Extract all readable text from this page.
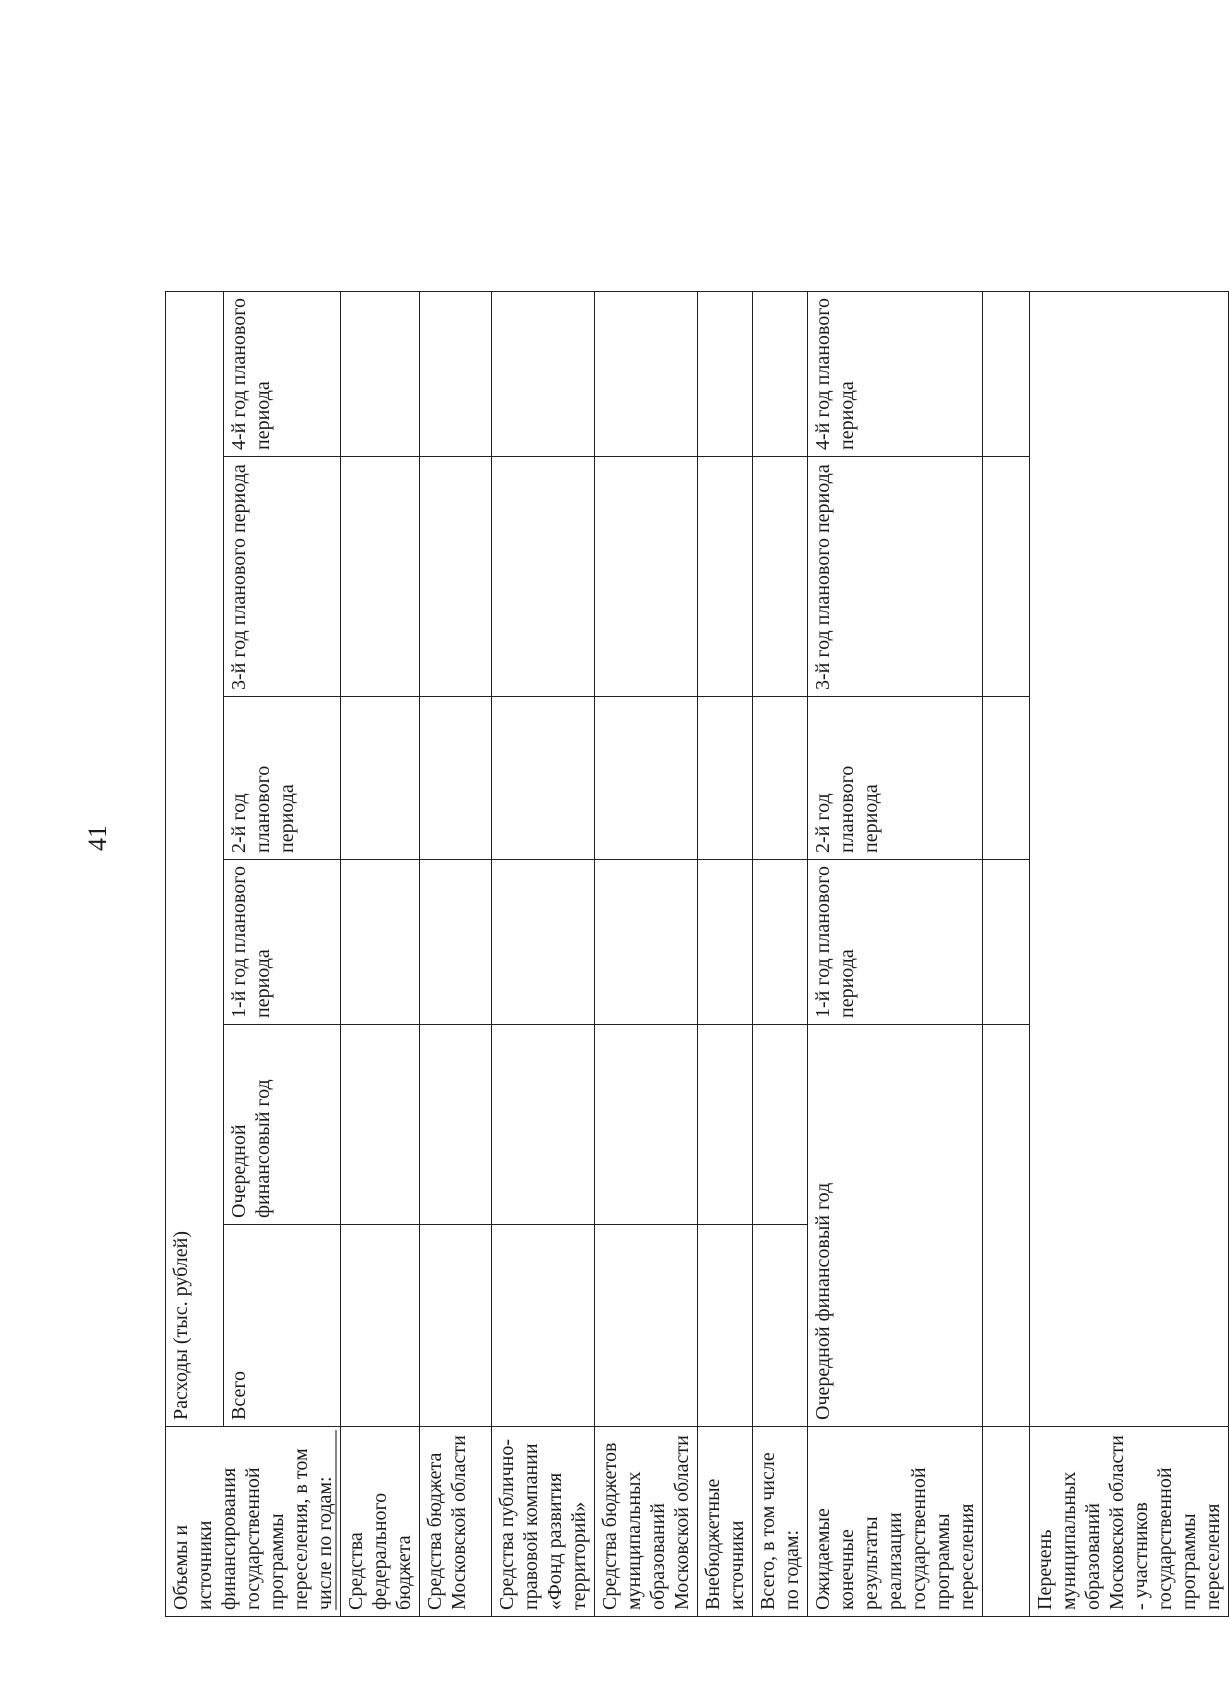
41
Объемы и источники финансирования государственной программы переселения, в том числе по годам:	Расходы (тыс. рублей)					
	Всего	Очередной финансовый год	1-й год планового периода	2-й год планового периода	3-й год планового периода	4-й год планового периода
Средства федерального бюджета						
Средства бюджета Московской области						
Средства публично-правовой компании «Фонд развития территорий»						
Средства бюджетов муниципальных образований Московской области						
Внебюджетные источники						
Всего, в том числе по годам:						
Ожидаемые конечные результаты реализации государственной программы переселения	Очередной финансовый год		1-й год планового периода	2-й год планового периода	3-й год планового периода	4-й год планового периода

Перечень муниципальных образований Московской области - участников государственной программы переселения						
